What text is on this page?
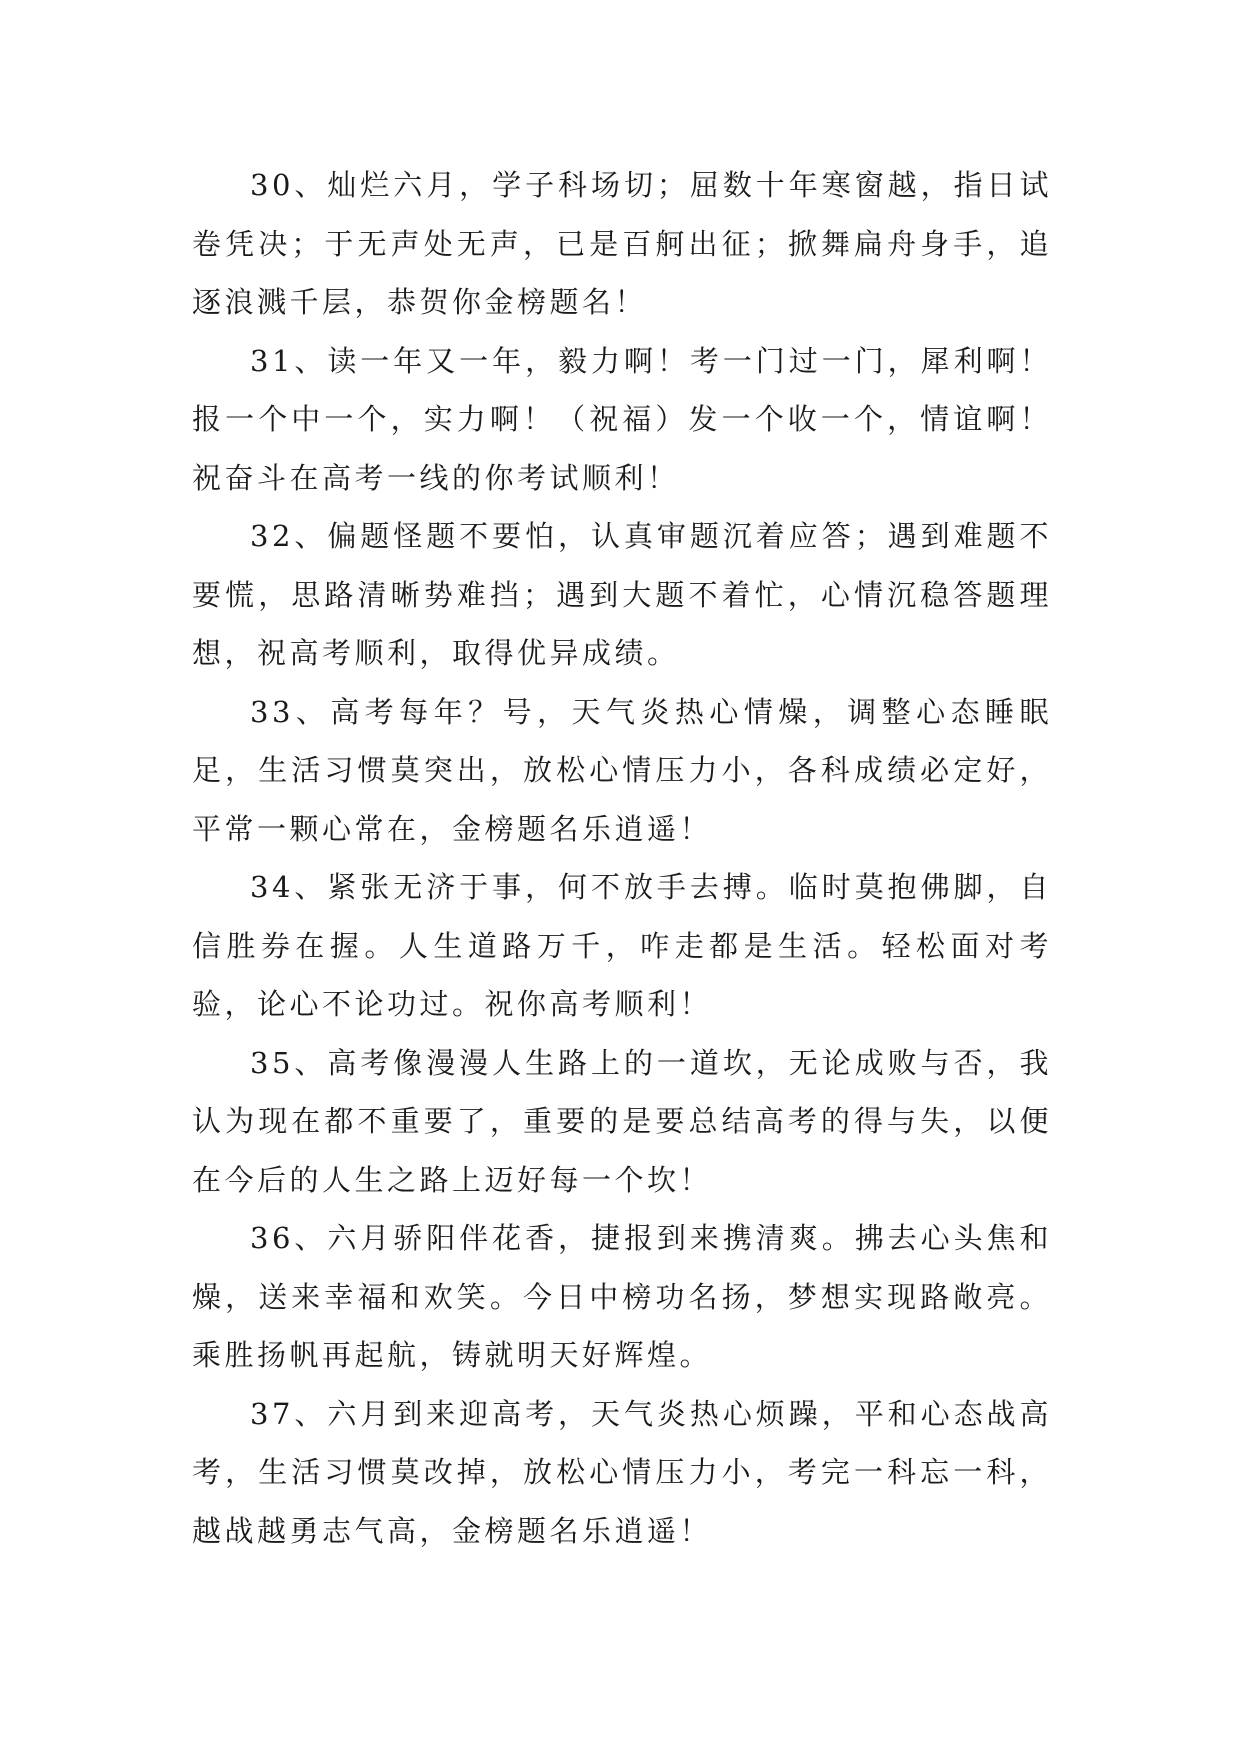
30、灿烂六月，学子科场切；屈数十年寒窗越，指日试卷凭决；于无声处无声，已是百舸出征；掀舞扁舟身手，追逐浪溅千层，恭贺你金榜题名！

31、读一年又一年，毅力啊！考一门过一门，犀利啊！报一个中一个，实力啊！（祝福）发一个收一个，情谊啊！祝奋斗在高考一线的你考试顺利！

32、偏题怪题不要怕，认真审题沉着应答；遇到难题不要慌，思路清晰势难挡；遇到大题不着忙，心情沉稳答题理想，祝高考顺利，取得优异成绩。

33、高考每年？号，天气炎热心情燥，调整心态睡眠足，生活习惯莫突出，放松心情压力小，各科成绩必定好，平常一颗心常在，金榜题名乐逍遥！

34、紧张无济于事，何不放手去搏。临时莫抱佛脚，自信胜券在握。人生道路万千，咋走都是生活。轻松面对考验，论心不论功过。祝你高考顺利！

35、高考像漫漫人生路上的一道坎，无论成败与否，我认为现在都不重要了，重要的是要总结高考的得与失，以便在今后的人生之路上迈好每一个坎！

36、六月骄阳伴花香，捷报到来携清爽。拂去心头焦和燥，送来幸福和欢笑。今日中榜功名扬，梦想实现路敞亮。乘胜扬帆再起航，铸就明天好辉煌。

37、六月到来迎高考，天气炎热心烦躁，平和心态战高考，生活习惯莫改掉，放松心情压力小，考完一科忘一科，越战越勇志气高，金榜题名乐逍遥！
